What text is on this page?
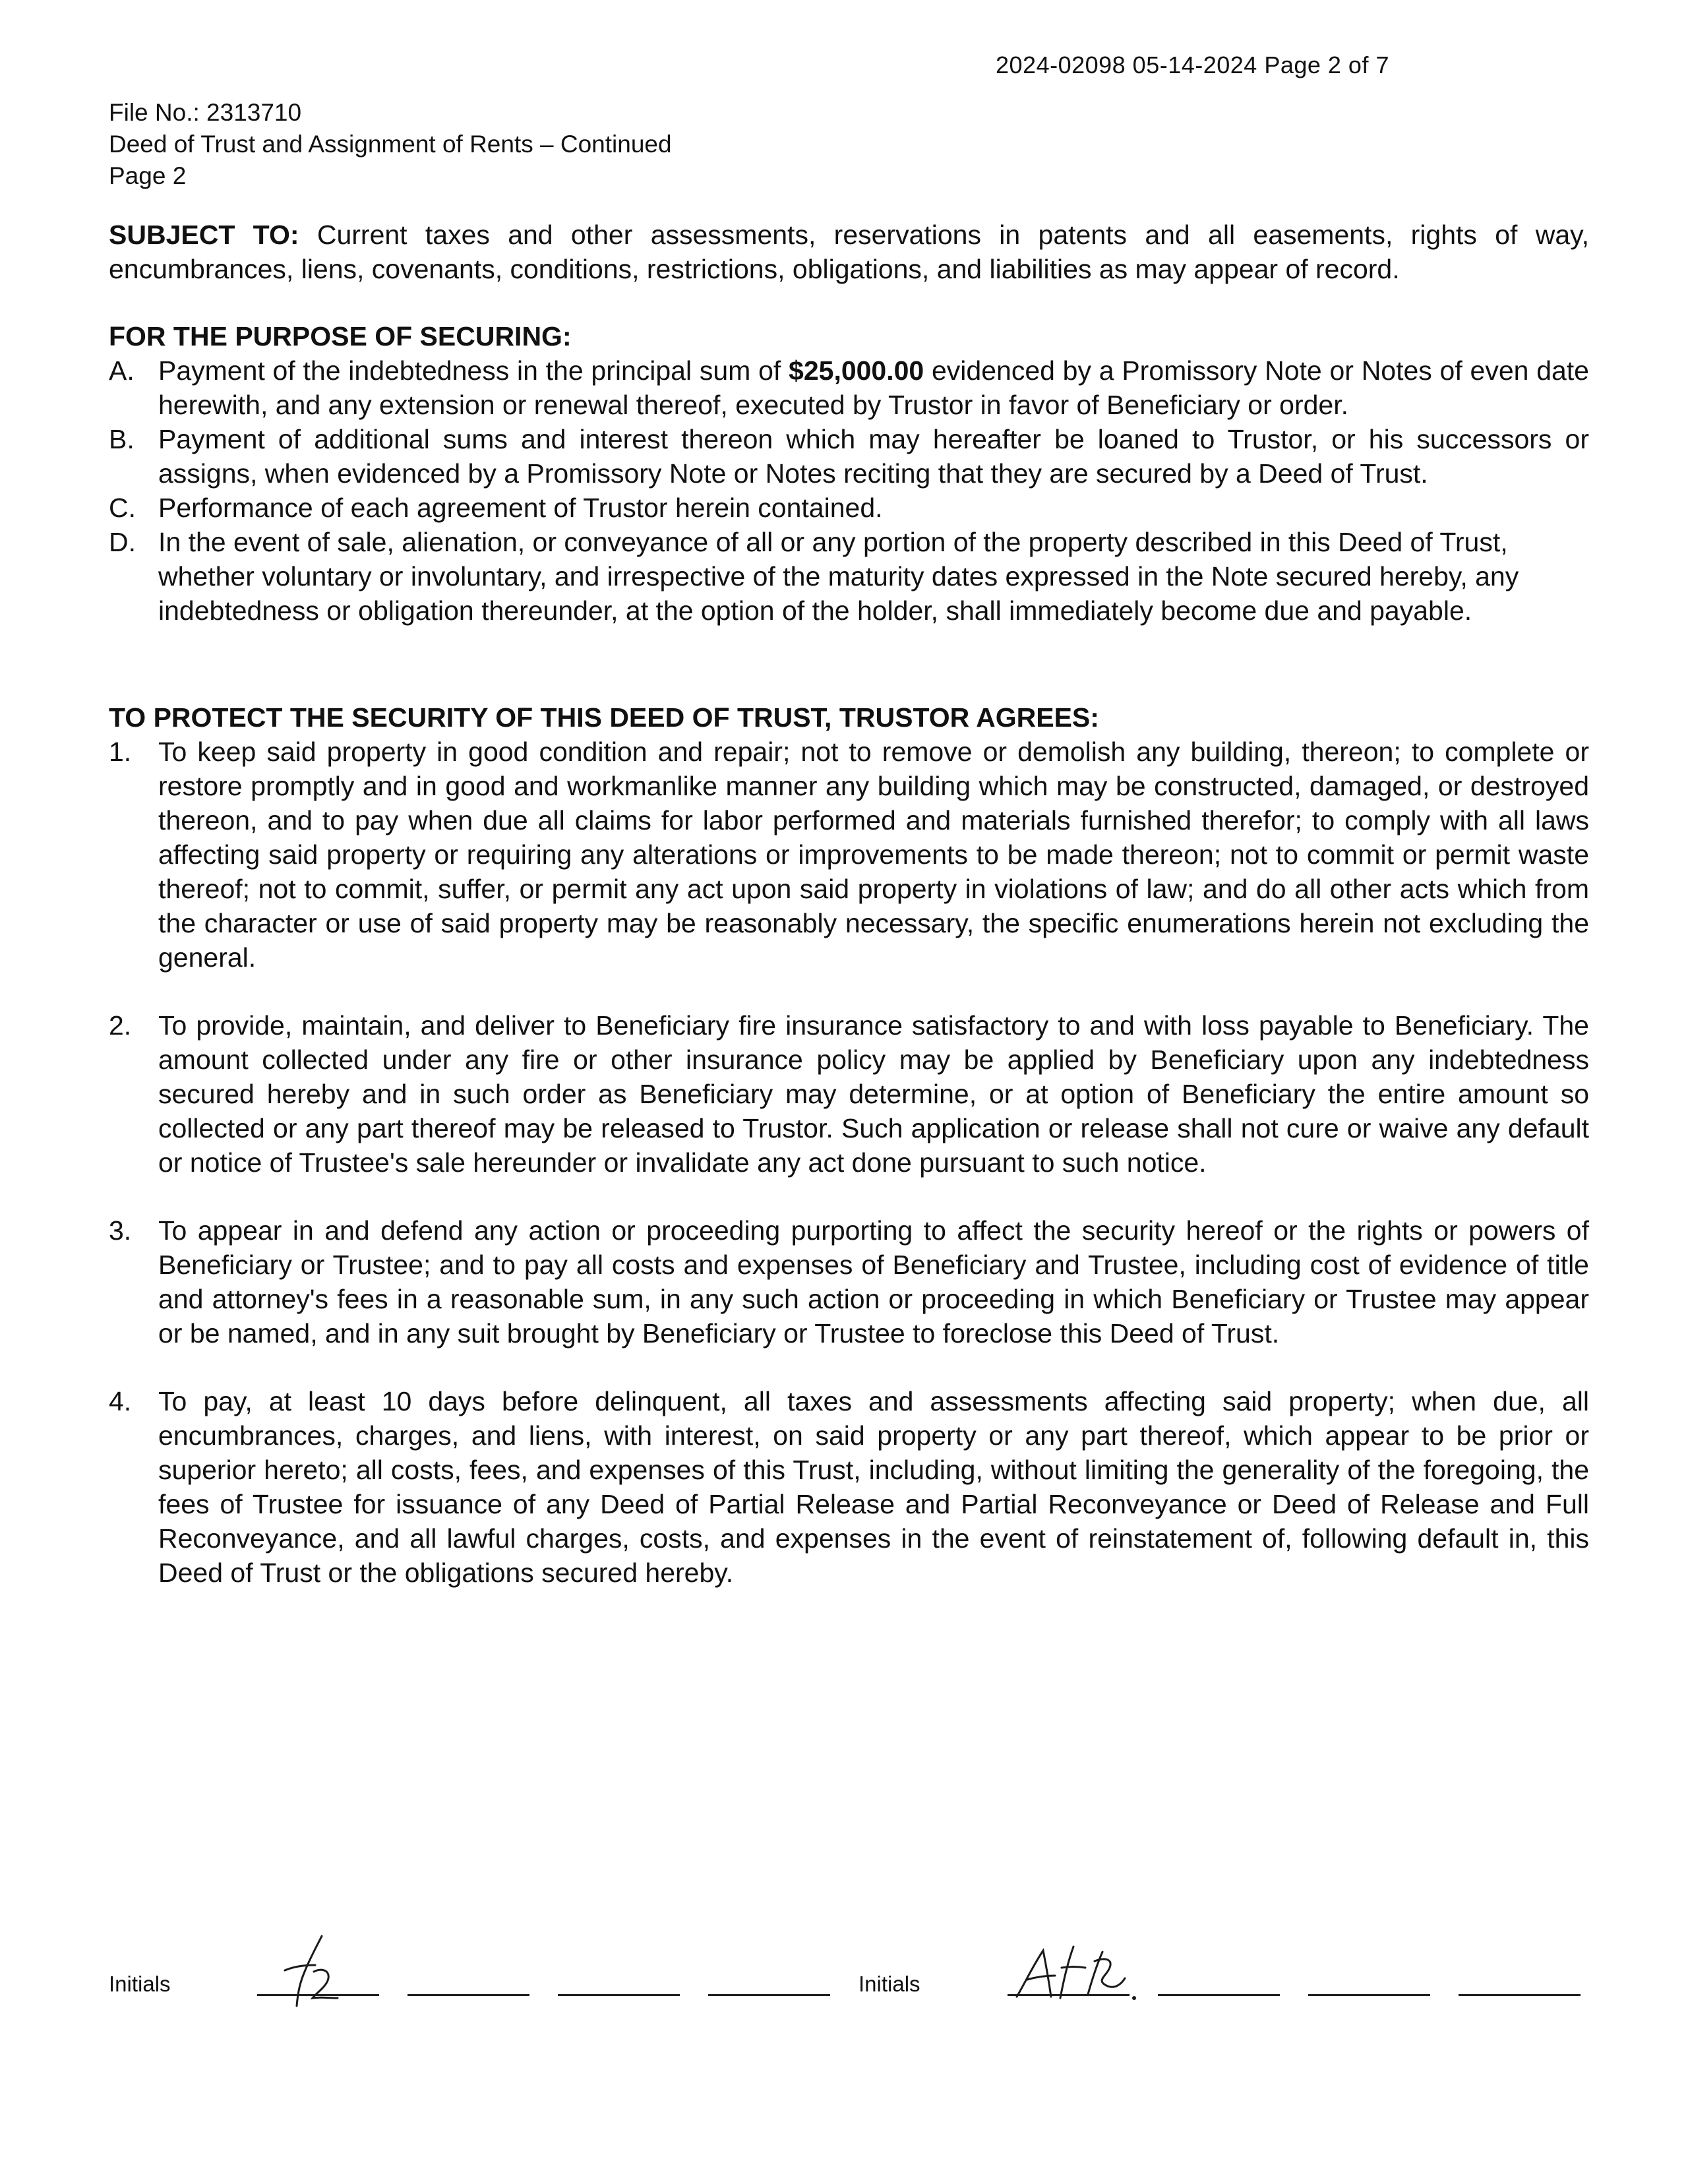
2024-02098 05-14-2024 Page 2 of 7
File No.: 2313710
Deed of Trust and Assignment of Rents – Continued
Page 2
SUBJECT TO: Current taxes and other assessments, reservations in patents and all easements, rights of way, encumbrances, liens, covenants, conditions, restrictions, obligations, and liabilities as may appear of record.
FOR THE PURPOSE OF SECURING:
A. Payment of the indebtedness in the principal sum of $25,000.00 evidenced by a Promissory Note or Notes of even date herewith, and any extension or renewal thereof, executed by Trustor in favor of Beneficiary or order.
B. Payment of additional sums and interest thereon which may hereafter be loaned to Trustor, or his successors or assigns, when evidenced by a Promissory Note or Notes reciting that they are secured by a Deed of Trust.
C. Performance of each agreement of Trustor herein contained.
D. In the event of sale, alienation, or conveyance of all or any portion of the property described in this Deed of Trust, whether voluntary or involuntary, and irrespective of the maturity dates expressed in the Note secured hereby, any indebtedness or obligation thereunder, at the option of the holder, shall immediately become due and payable.
TO PROTECT THE SECURITY OF THIS DEED OF TRUST, TRUSTOR AGREES:
1. To keep said property in good condition and repair; not to remove or demolish any building, thereon; to complete or restore promptly and in good and workmanlike manner any building which may be constructed, damaged, or destroyed thereon, and to pay when due all claims for labor performed and materials furnished therefor; to comply with all laws affecting said property or requiring any alterations or improvements to be made thereon; not to commit or permit waste thereof; not to commit, suffer, or permit any act upon said property in violations of law; and do all other acts which from the character or use of said property may be reasonably necessary, the specific enumerations herein not excluding the general.
2. To provide, maintain, and deliver to Beneficiary fire insurance satisfactory to and with loss payable to Beneficiary. The amount collected under any fire or other insurance policy may be applied by Beneficiary upon any indebtedness secured hereby and in such order as Beneficiary may determine, or at option of Beneficiary the entire amount so collected or any part thereof may be released to Trustor. Such application or release shall not cure or waive any default or notice of Trustee's sale hereunder or invalidate any act done pursuant to such notice.
3. To appear in and defend any action or proceeding purporting to affect the security hereof or the rights or powers of Beneficiary or Trustee; and to pay all costs and expenses of Beneficiary and Trustee, including cost of evidence of title and attorney's fees in a reasonable sum, in any such action or proceeding in which Beneficiary or Trustee may appear or be named, and in any suit brought by Beneficiary or Trustee to foreclose this Deed of Trust.
4. To pay, at least 10 days before delinquent, all taxes and assessments affecting said property; when due, all encumbrances, charges, and liens, with interest, on said property or any part thereof, which appear to be prior or superior hereto; all costs, fees, and expenses of this Trust, including, without limiting the generality of the foregoing, the fees of Trustee for issuance of any Deed of Partial Release and Partial Reconveyance or Deed of Release and Full Reconveyance, and all lawful charges, costs, and expenses in the event of reinstatement of, following default in, this Deed of Trust or the obligations secured hereby.
Initials	Initials
